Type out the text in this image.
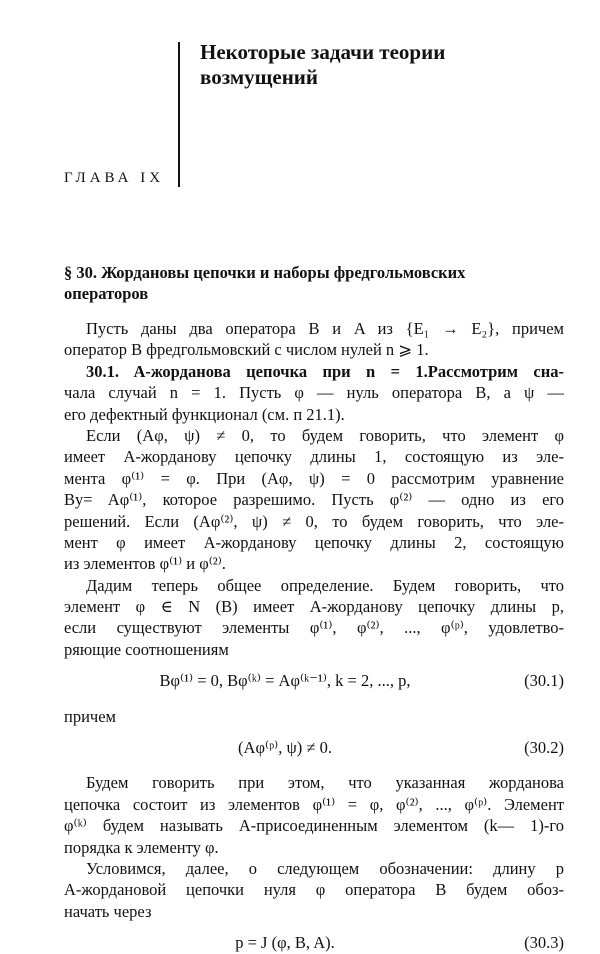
Некоторые задачи теории
возмущений
ГЛАВА IX
§ 30. Жордановы цепочки и наборы фредгольмовских
операторов
Пусть даны два оператора B и A из {E₁ → E₂}, причем
оператор B фредгольмовский с числом нулей n ⩾ 1.
30.1. A-жорданова цепочка при n = 1.Рассмотрим сна-
чала случай n = 1. Пусть φ — нуль оператора B, а ψ —
его дефектный функционал (см. п 21.1).
Если (Aφ, ψ) ≠ 0, то будем говорить, что элемент φ
имеет A-жорданову цепочку длины 1, состоящую из эле-
мента φ⁽¹⁾ = φ. При (Aφ, ψ) = 0 рассмотрим уравнение
By= Aφ⁽¹⁾, которое разрешимо. Пусть φ⁽²⁾ — одно из его
решений. Если (Aφ⁽²⁾, ψ) ≠ 0, то будем говорить, что эле-
мент φ имеет A-жорданову цепочку длины 2, состоящую
из элементов φ⁽¹⁾ и φ⁽²⁾.
Дадим теперь общее определение. Будем говорить, что
элемент φ ∈ N (B) имеет A-жорданову цепочку длины p,
если существуют элементы φ⁽¹⁾, φ⁽²⁾, ..., φ⁽ᵖ⁾, удовлетво-
ряющие соотношениям
Bφ⁽¹⁾ = 0, Bφ⁽ᵏ⁾ = Aφ⁽ᵏ⁻¹⁾, k = 2, ..., p,	(30.1)
причем
(Aφ⁽ᵖ⁾, ψ) ≠ 0.	(30.2)
Будем говорить при этом, что указанная жорданова
цепочка состоит из элементов φ⁽¹⁾ = φ, φ⁽²⁾, ..., φ⁽ᵖ⁾. Элемент
φ⁽ᵏ⁾ будем называть A-присоединенным элементом (k— 1)-го
порядка к элементу φ.
Условимся, далее, о следующем обозначении: длину p
A-жордановой цепочки нуля φ оператора B будем обоз-
начать через
p = J (φ, B, A).	(30.3)
